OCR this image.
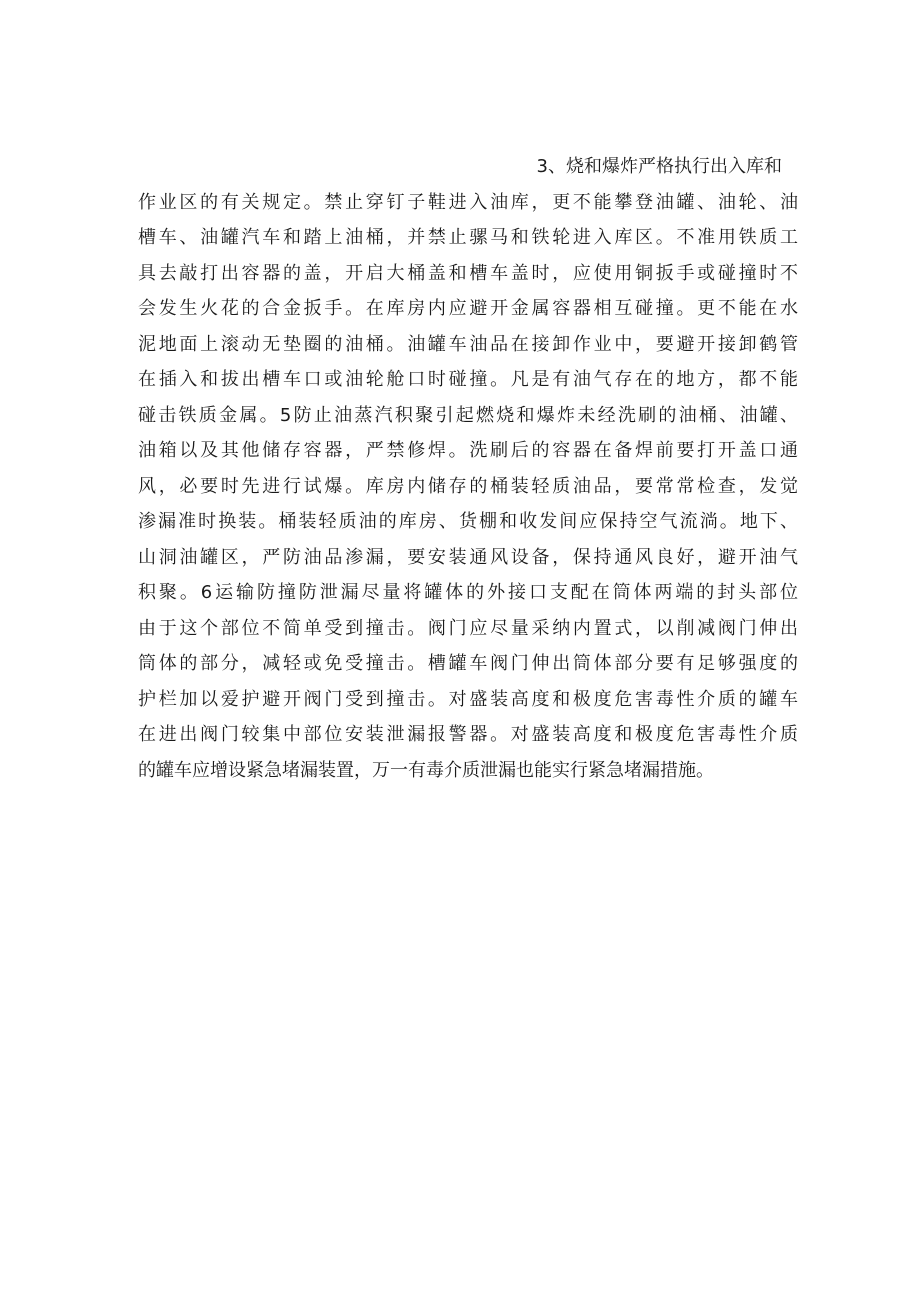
3、烧和爆炸严格执行出入库和
作业区的有关规定。禁止穿钉子鞋进入油库，更不能攀登油罐、油轮、油
槽车、油罐汽车和踏上油桶，并禁止骡马和铁轮进入库区。不准用铁质工
具去敲打出容器的盖，开启大桶盖和槽车盖时，应使用铜扳手或碰撞时不
会发生火花的合金扳手。在库房内应避开金属容器相互碰撞。更不能在水
泥地面上滚动无垫圈的油桶。油罐车油品在接卸作业中，要避开接卸鹤管
在插入和拔出槽车口或油轮舱口时碰撞。凡是有油气存在的地方，都不能
碰击铁质金属。5防止油蒸汽积聚引起燃烧和爆炸未经洗刷的油桶、油罐、
油箱以及其他储存容器，严禁修焊。洗刷后的容器在备焊前要打开盖口通
风，必要时先进行试爆。库房内储存的桶装轻质油品，要常常检查，发觉
渗漏准时换装。桶装轻质油的库房、货棚和收发间应保持空气流淌。地下、
山洞油罐区，严防油品渗漏，要安装通风设备，保持通风良好，避开油气
积聚。6运输防撞防泄漏尽量将罐体的外接口支配在筒体两端的封头部位
由于这个部位不简单受到撞击。阀门应尽量采纳内置式，以削减阀门伸出
筒体的部分，减轻或免受撞击。槽罐车阀门伸出筒体部分要有足够强度的
护栏加以爱护避开阀门受到撞击。对盛装高度和极度危害毒性介质的罐车
在进出阀门较集中部位安装泄漏报警器。对盛装高度和极度危害毒性介质
的罐车应增设紧急堵漏装置，万一有毒介质泄漏也能实行紧急堵漏措施。
